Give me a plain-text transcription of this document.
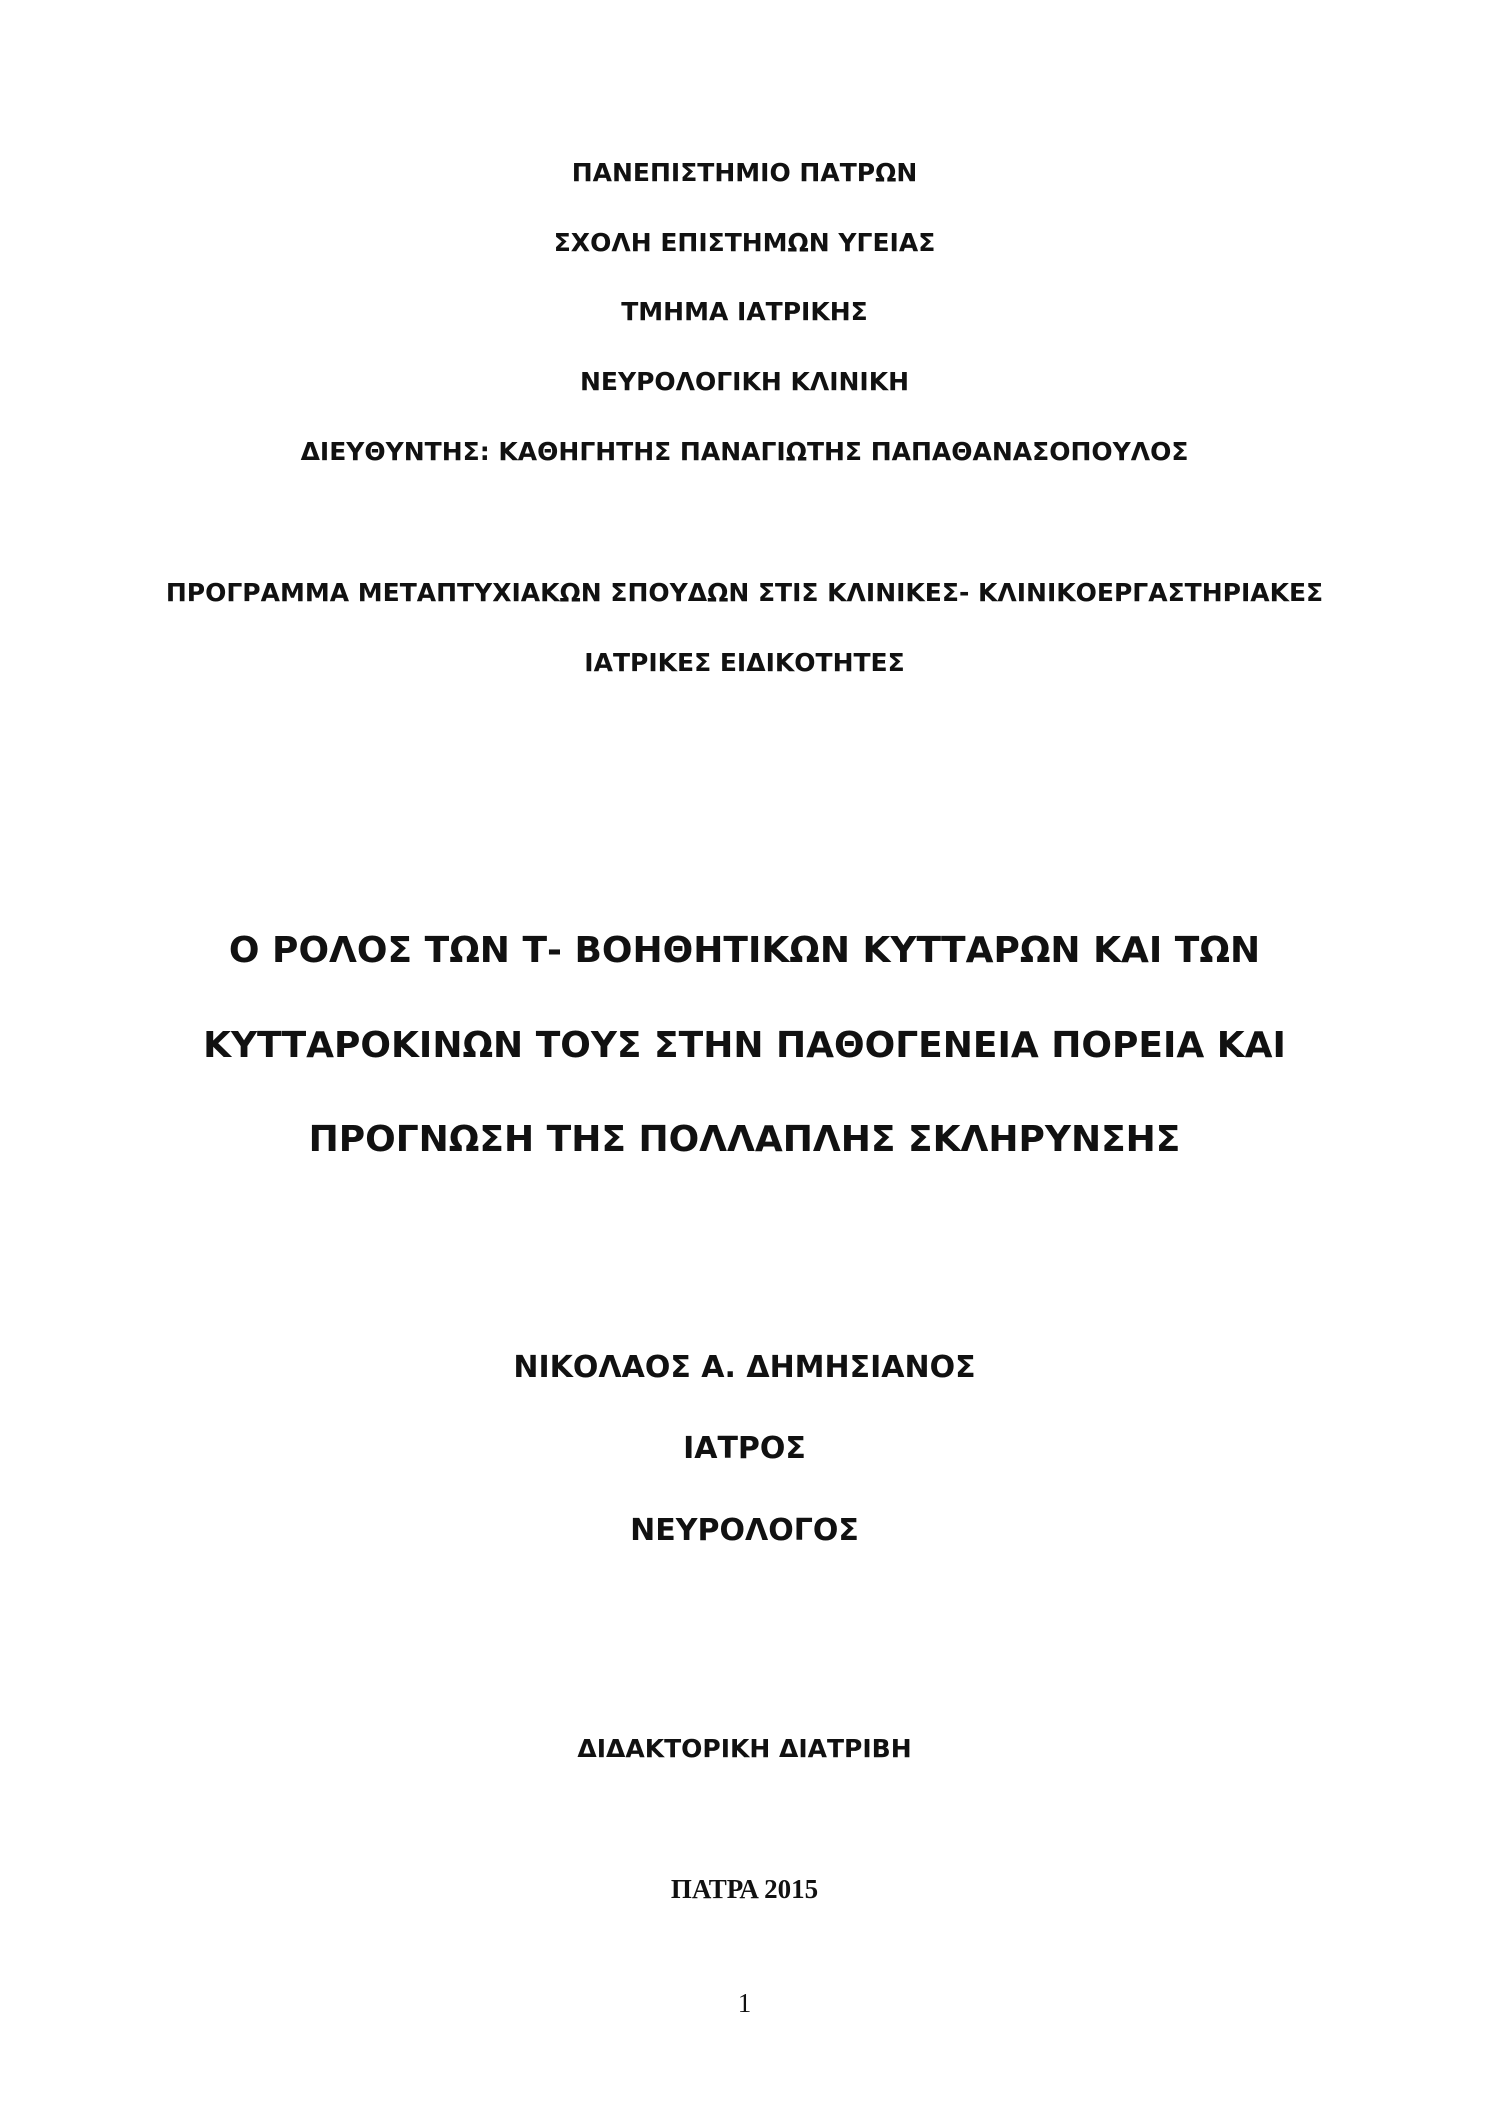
ΠΑΝΕΠΙΣΤΗΜΙΟ ΠΑΤΡΩΝ
ΣΧΟΛΗ ΕΠΙΣΤΗΜΩΝ ΥΓΕΙΑΣ
ΤΜΗΜΑ ΙΑΤΡΙΚΗΣ
ΝΕΥΡΟΛΟΓΙΚΗ ΚΛΙΝΙΚΗ
ΔΙΕΥΘΥΝΤΗΣ: ΚΑΘΗΓΗΤΗΣ ΠΑΝΑΓΙΩΤΗΣ ΠΑΠΑΘΑΝΑΣΟΠΟΥΛΟΣ
ΠΡΟΓΡΑΜΜΑ ΜΕΤΑΠΤΥΧΙΑΚΩΝ ΣΠΟΥΔΩΝ ΣΤΙΣ ΚΛΙΝΙΚΕΣ- ΚΛΙΝΙΚΟΕΡΓΑΣΤΗΡΙΑΚΕΣ
ΙΑΤΡΙΚΕΣ ΕΙΔΙΚΟΤΗΤΕΣ
Ο ΡΟΛΟΣ ΤΩΝ Τ- ΒΟΗΘΗΤΙΚΩΝ ΚΥΤΤΑΡΩΝ ΚΑΙ ΤΩΝ
ΚΥΤΤΑΡΟΚΙΝΩΝ ΤΟΥΣ ΣΤΗΝ ΠΑΘΟΓΕΝΕΙΑ ΠΟΡΕΙΑ ΚΑΙ
ΠΡΟΓΝΩΣΗ ΤΗΣ ΠΟΛΛΑΠΛΗΣ ΣΚΛΗΡΥΝΣΗΣ
ΝΙΚΟΛΑΟΣ Α. ΔΗΜΗΣΙΑΝΟΣ
ΙΑΤΡΟΣ
ΝΕΥΡΟΛΟΓΟΣ
ΔΙΔΑΚΤΟΡΙΚΗ ΔΙΑΤΡΙΒΗ
ΠΑΤΡΑ 2015
1
